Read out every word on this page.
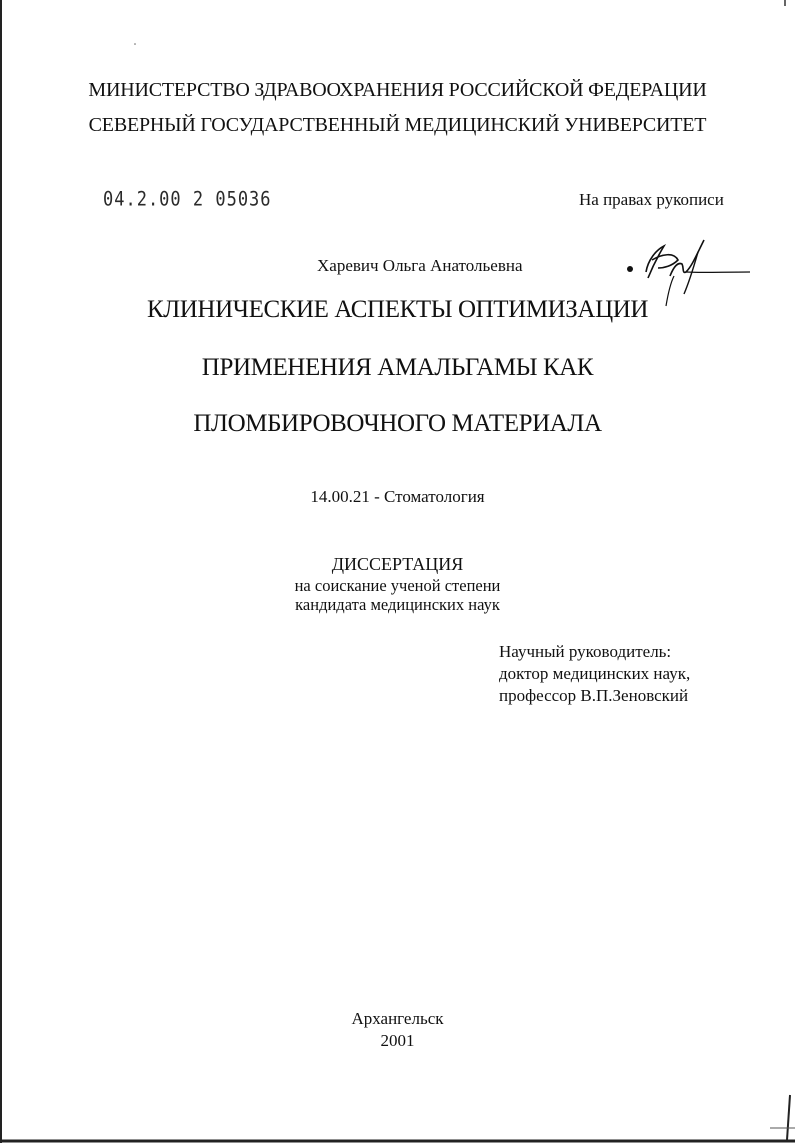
МИНИСТЕРСТВО ЗДРАВООХРАНЕНИЯ РОССИЙСКОЙ ФЕДЕРАЦИИ
СЕВЕРНЫЙ ГОСУДАРСТВЕННЫЙ МЕДИЦИНСКИЙ УНИВЕРСИТЕТ
04.2.00 2 05036	На правах рукописи
Харевич Ольга Анатольевна
КЛИНИЧЕСКИЕ АСПЕКТЫ ОПТИМИЗАЦИИ
ПРИМЕНЕНИЯ АМАЛЬГАМЫ КАК
ПЛОМБИРОВОЧНОГО МАТЕРИАЛА
14.00.21 - Стоматология
ДИССЕРТАЦИЯ
на соискание ученой степени
кандидата медицинских наук
Научный руководитель:
доктор медицинских наук,
профессор В.П.Зеновский
Архангельск
2001
